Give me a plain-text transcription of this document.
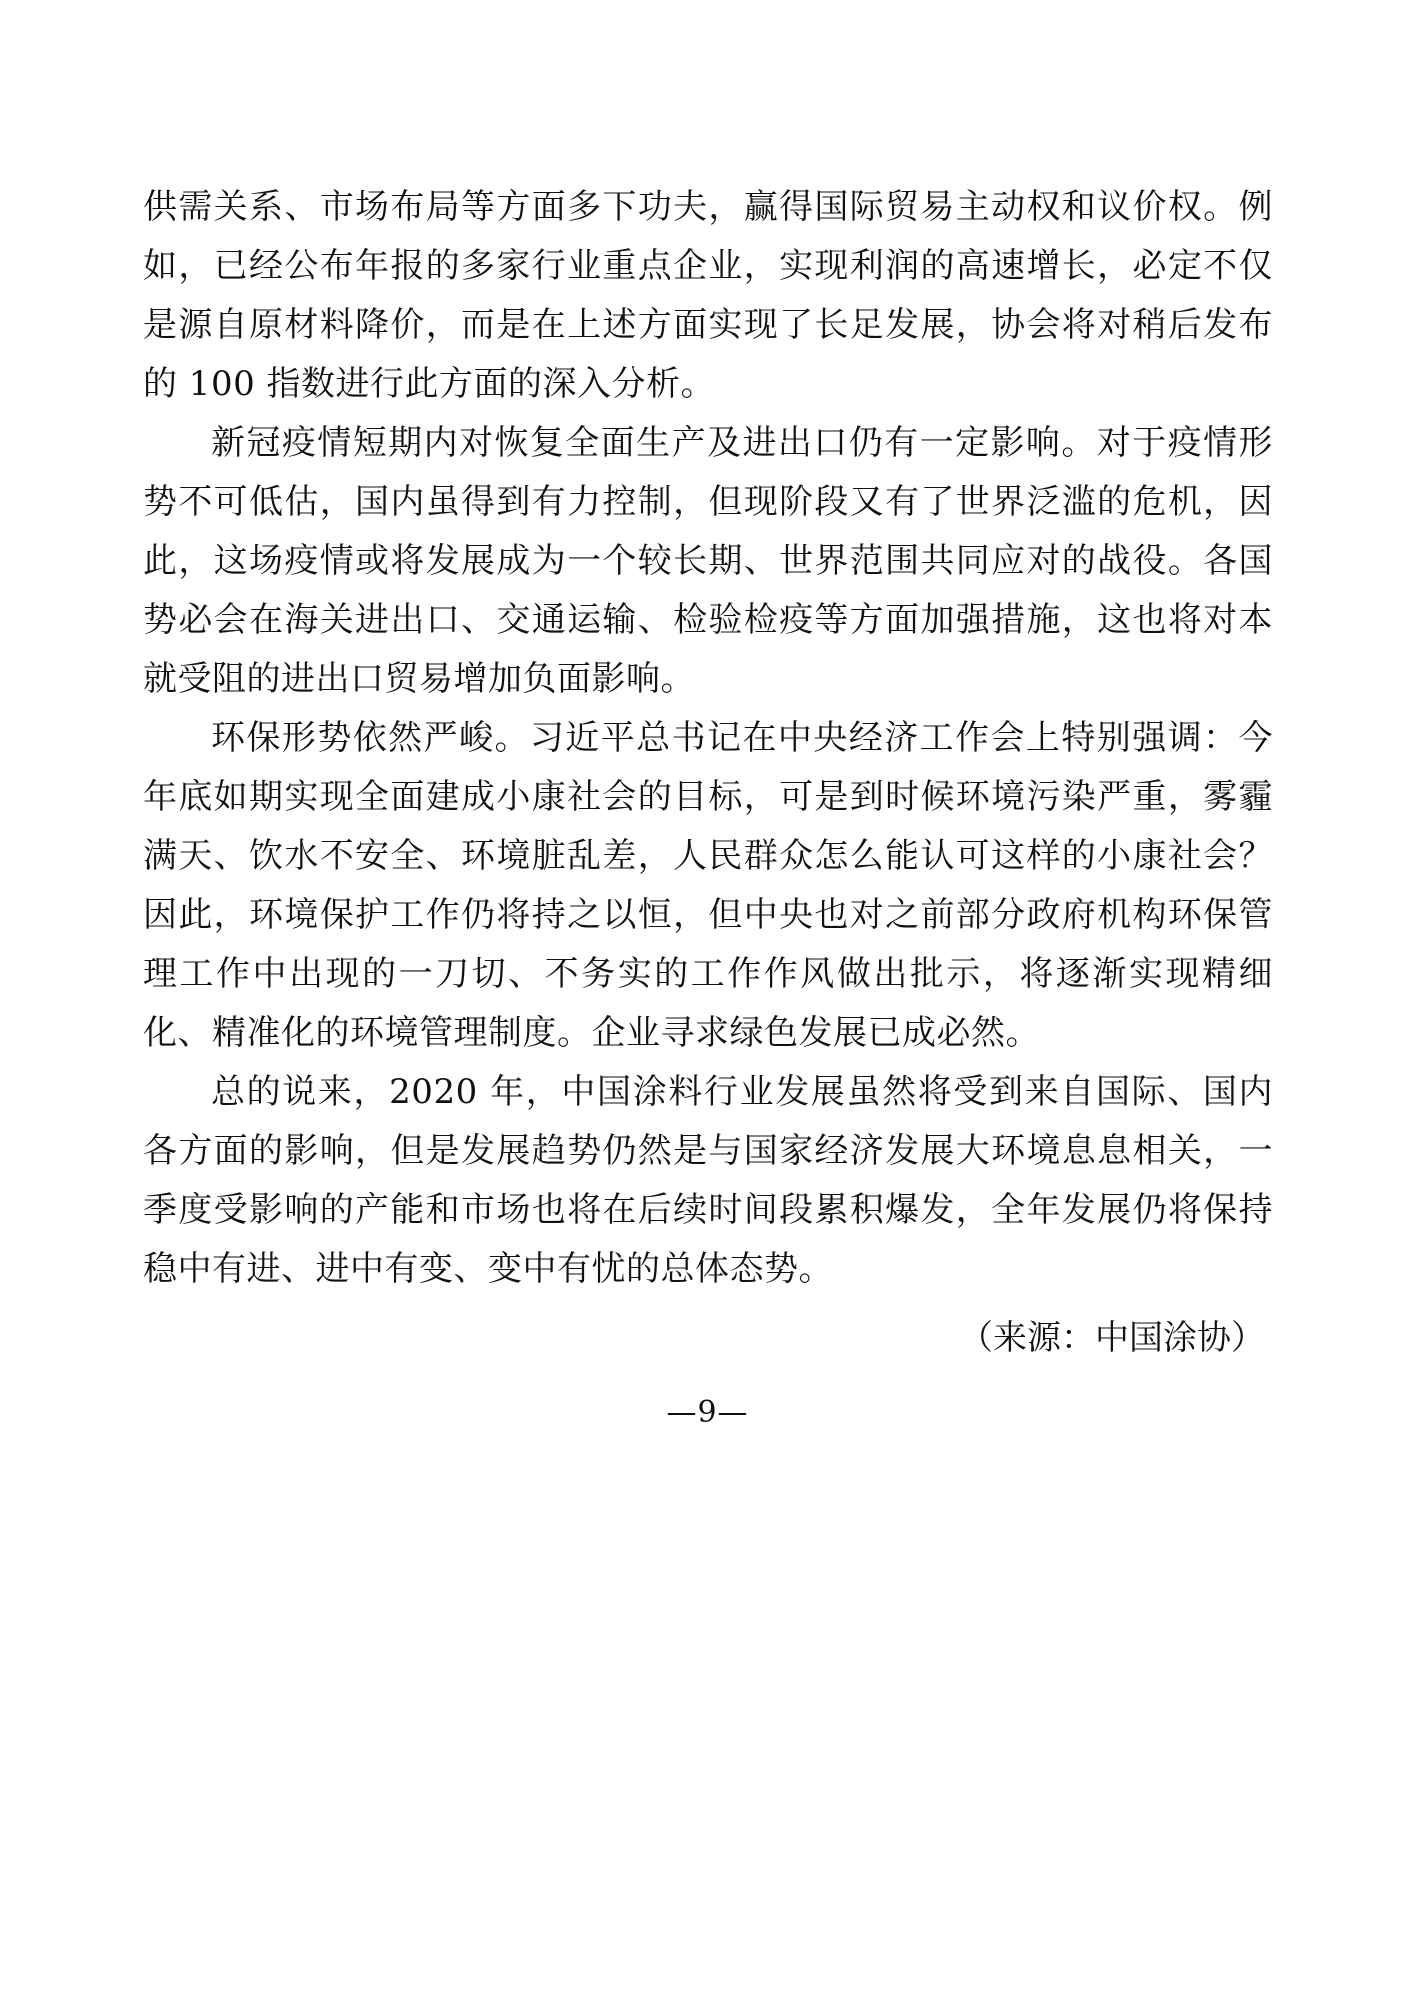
供需关系、市场布局等方面多下功夫，赢得国际贸易主动权和议价权。例如，已经公布年报的多家行业重点企业，实现利润的高速增长，必定不仅是源自原材料降价，而是在上述方面实现了长足发展，协会将对稍后发布的 100 指数进行此方面的深入分析。

新冠疫情短期内对恢复全面生产及进出口仍有一定影响。对于疫情形势不可低估，国内虽得到有力控制，但现阶段又有了世界泛滥的危机，因此，这场疫情或将发展成为一个较长期、世界范围共同应对的战役。各国势必会在海关进出口、交通运输、检验检疫等方面加强措施，这也将对本就受阻的进出口贸易增加负面影响。

环保形势依然严峻。习近平总书记在中央经济工作会上特别强调：今年底如期实现全面建成小康社会的目标，可是到时候环境污染严重，雾霾满天、饮水不安全、环境脏乱差，人民群众怎么能认可这样的小康社会？因此，环境保护工作仍将持之以恒，但中央也对之前部分政府机构环保管理工作中出现的一刀切、不务实的工作作风做出批示，将逐渐实现精细化、精准化的环境管理制度。企业寻求绿色发展已成必然。

总的说来，2020 年，中国涂料行业发展虽然将受到来自国际、国内各方面的影响，但是发展趋势仍然是与国家经济发展大环境息息相关，一季度受影响的产能和市场也将在后续时间段累积爆发，全年发展仍将保持稳中有进、进中有变、变中有忧的总体态势。

（来源：中国涂协）
—9—
